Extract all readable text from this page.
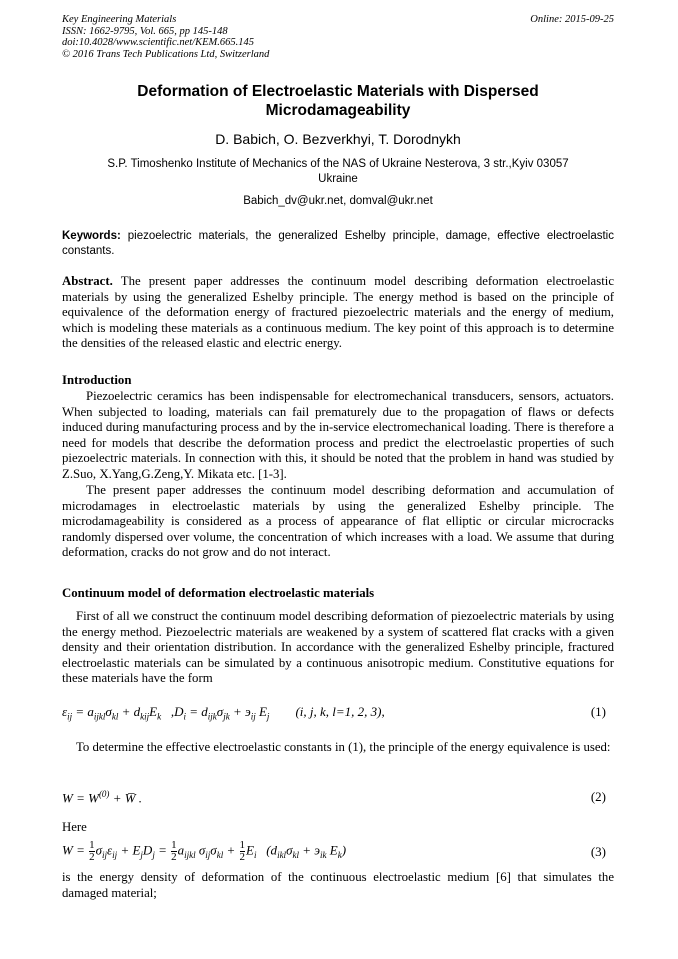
Key Engineering Materials
ISSN: 1662-9795, Vol. 665, pp 145-148
doi:10.4028/www.scientific.net/KEM.665.145
© 2016 Trans Tech Publications Ltd, Switzerland
Online: 2015-09-25
Deformation of Electroelastic Materials with Dispersed
Microdamageability
D. Babich, O. Bezverkhyi, T. Dorodnykh
S.P. Timoshenko Institute of Mechanics of the NAS of Ukraine Nesterova, 3 str.,Kyiv 03057
Ukraine
Babich_dv@ukr.net, domval@ukr.net
Keywords: piezoelectric materials, the generalized Eshelby principle, damage, effective electroelastic constants.
Abstract. The present paper addresses the continuum model describing deformation electroelastic materials by using the generalized Eshelby principle. The energy method is based on the principle of equivalence of the deformation energy of fractured piezoelectric materials and the energy of medium, which is modeling these materials as a continuous medium. The key point of this approach is to determine the densities of the released elastic and electric energy.
Introduction
Piezoelectric ceramics has been indispensable for electromechanical transducers, sensors, actuators. When subjected to loading, materials can fail prematurely due to the propagation of flaws or defects induced during manufacturing process and by the in-service electromechanical loading. There is therefore a need for models that describe the deformation process and predict the electroelastic properties of such piezoelectric materials. In connection with this, it should be noted that the problem in hand was studied by Z.Suo, X.Yang,G.Zeng,Y. Mikata etc. [1-3].
The present paper addresses the continuum model describing deformation and accumulation of microdamages in electroelastic materials by using the generalized Eshelby principle. The microdamageability is considered as a process of appearance of flat elliptic or circular microcracks randomly dispersed over volume, the concentration of which increases with a load. We assume that during deformation, cracks do not grow and do not interact.
Continuum model of deformation electroelastic materials
First of all we construct the continuum model describing deformation of piezoelectric materials by using the energy method. Piezoelectric materials are weakened by a system of scattered flat cracks with a given density and their orientation distribution. In accordance with the generalized Eshelby principle, fractured electroelastic materials can be simulated by a continuous anisotropic medium. Constitutive equations for these materials have the form
$\varepsilon_{ij} = a_{ijkl}\sigma_{kl} + d_{kij}E_k$   $,D_i = d_{ijk}\sigma_{jk} + э_{ij}$ $E_j$        (i, j, k, l=1, 2, 3),	(1)
To determine the effective electroelastic constants in (1), the principle of the energy equivalence is used:
$W = W^{(0)}$ + W̅ .	(2)
Here
$W = \frac{1}{2} \sigma_{ij}\varepsilon_{ij} + E_jD_j = \frac{1}{2} a_{ijkl}$ $\sigma_{ij}\sigma_{kl} + \frac{1}{2} E_i$   ($d_{ikl}\sigma_{kl} + э_{ik}$ $E_k$)	(3)
is the energy density of deformation of the continuous electroelastic medium [6] that simulates the damaged material;
